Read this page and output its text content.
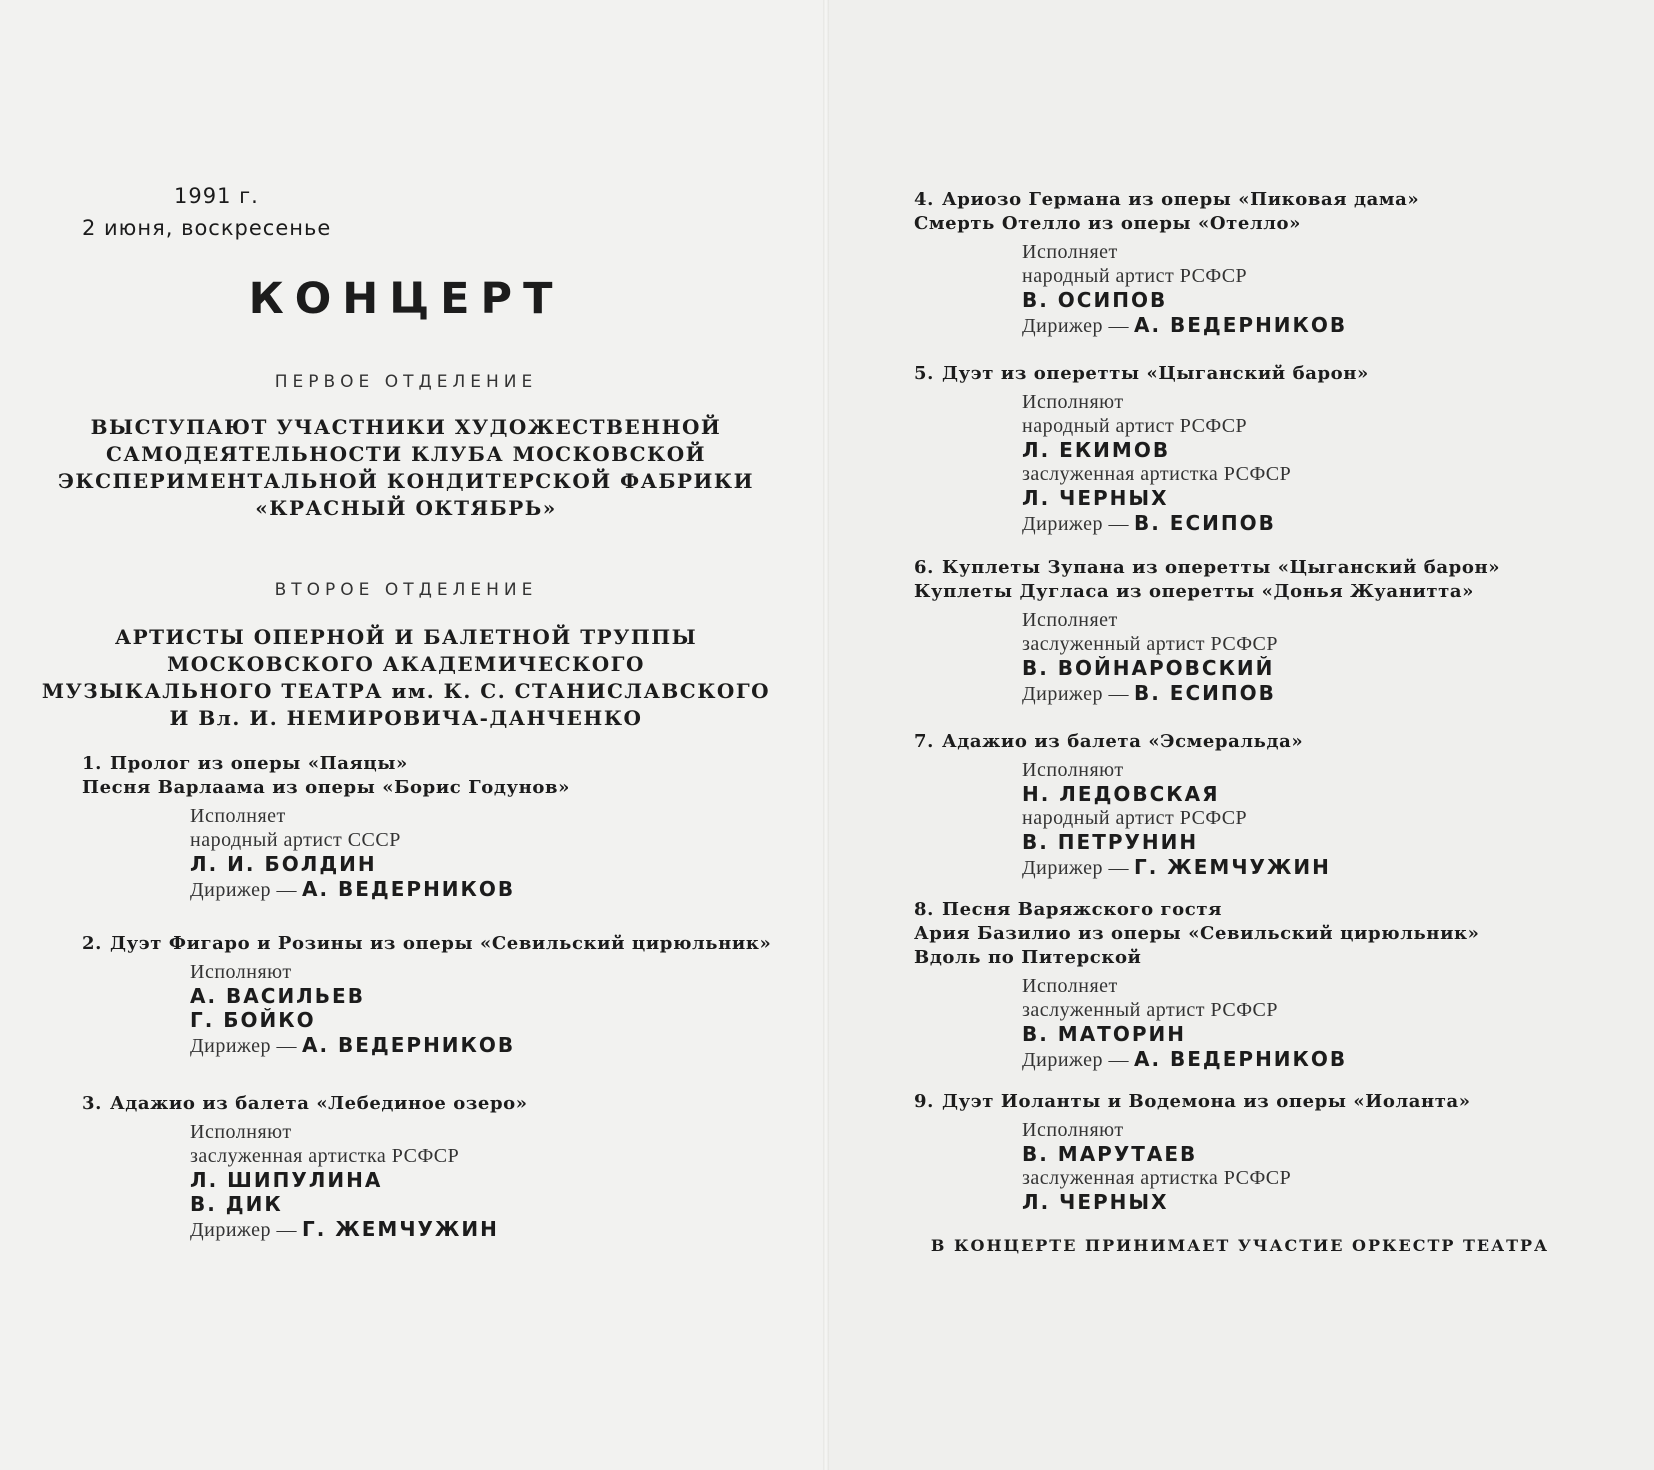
1991 г.
2 июня, воскресенье
КОНЦЕРТ
ПЕРВОЕ ОТДЕЛЕНИЕ
ВЫСТУПАЮТ УЧАСТНИКИ ХУДОЖЕСТВЕННОЙ
САМОДЕЯТЕЛЬНОСТИ КЛУБА МОСКОВСКОЙ
ЭКСПЕРИМЕНТАЛЬНОЙ КОНДИТЕРСКОЙ ФАБРИКИ
«КРАСНЫЙ ОКТЯБРЬ»
ВТОРОЕ ОТДЕЛЕНИЕ
АРТИСТЫ ОПЕРНОЙ И БАЛЕТНОЙ ТРУППЫ
МОСКОВСКОГО АКАДЕМИЧЕСКОГО
МУЗЫКАЛЬНОГО ТЕАТРА им. К. С. СТАНИСЛАВСКОГО
И Вл. И. НЕМИРОВИЧА-ДАНЧЕНКО
1. Пролог из оперы «Паяцы»
Песня Варлаама из оперы «Борис Годунов»
Исполняет
народный артист СССР
Л. И. БОЛДИН
Дирижер — А. ВЕДЕРНИКОВ
2. Дуэт Фигаро и Розины из оперы «Севильский цирюльник»
Исполняют
А. ВАСИЛЬЕВ
Г. БОЙКО
Дирижер — А. ВЕДЕРНИКОВ
3. Адажио из балета «Лебединое озеро»
Исполняют
заслуженная артистка РСФСР
Л. ШИПУЛИНА
В. ДИК
Дирижер — Г. ЖЕМЧУЖИН
4. Ариозо Германа из оперы «Пиковая дама»
Смерть Отелло из оперы «Отелло»
Исполняет
народный артист РСФСР
В. ОСИПОВ
Дирижер — А. ВЕДЕРНИКОВ
5. Дуэт из оперетты «Цыганский барон»
Исполняют
народный артист РСФСР
Л. ЕКИМОВ
заслуженная артистка РСФСР
Л. ЧЕРНЫХ
Дирижер — В. ЕСИПОВ
6. Куплеты Зупана из оперетты «Цыганский барон»
Куплеты Дугласа из оперетты «Донья Жуанитта»
Исполняет
заслуженный артист РСФСР
В. ВОЙНАРОВСКИЙ
Дирижер — В. ЕСИПОВ
7. Адажио из балета «Эсмеральда»
Исполняют
Н. ЛЕДОВСКАЯ
народный артист РСФСР
В. ПЕТРУНИН
Дирижер — Г. ЖЕМЧУЖИН
8. Песня Варяжского гостя
Ария Базилио из оперы «Севильский цирюльник»
Вдоль по Питерской
Исполняет
заслуженный артист РСФСР
В. МАТОРИН
Дирижер — А. ВЕДЕРНИКОВ
9. Дуэт Иоланты и Водемона из оперы «Иоланта»
Исполняют
В. МАРУТАЕВ
заслуженная артистка РСФСР
Л. ЧЕРНЫХ
В КОНЦЕРТЕ ПРИНИМАЕТ УЧАСТИЕ ОРКЕСТР ТЕАТРА
